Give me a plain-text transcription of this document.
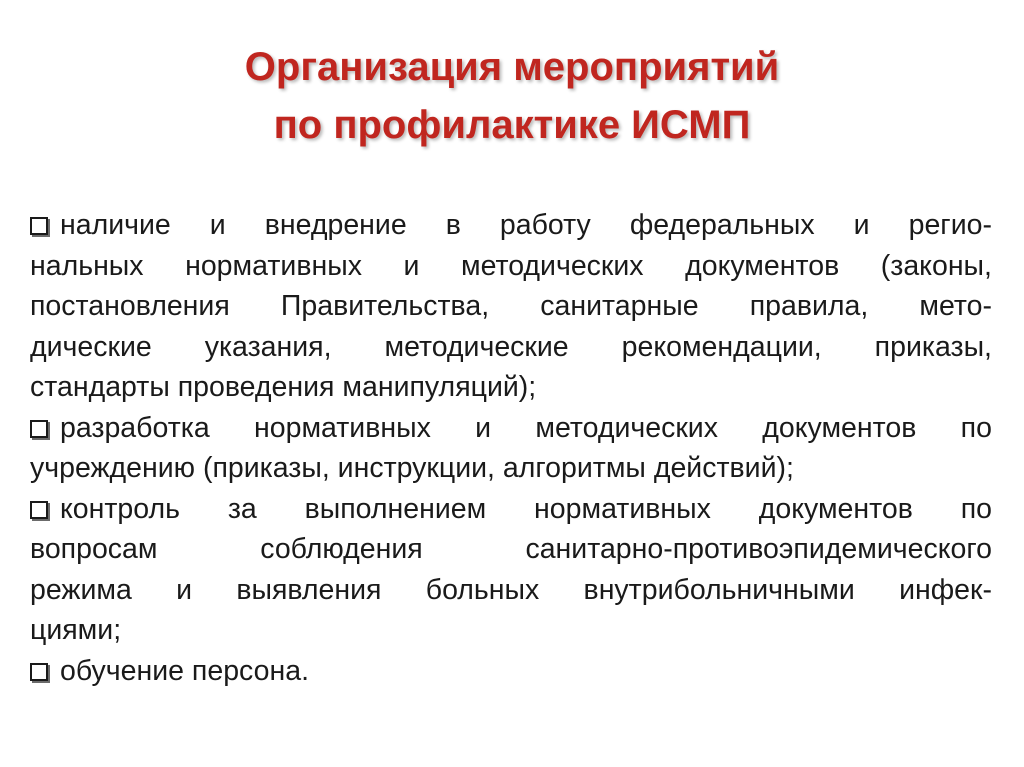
Организация мероприятий
по профилактике ИСМП
наличие и внедрение в работу федеральных и регио-
нальных нормативных и методических документов (законы,
постановления Правительства, санитарные правила, мето-
дические указания, методические рекомендации, приказы,
стандарты проведения манипуляций);
разработка нормативных и методических документов по
учреждению (приказы, инструкции, алгоритмы действий);
контроль за выполнением нормативных документов по
вопросам	соблюдения	санитарно-противоэпидемического
режима и выявления больных внутрибольничными инфек-
циями;
обучение персона.
